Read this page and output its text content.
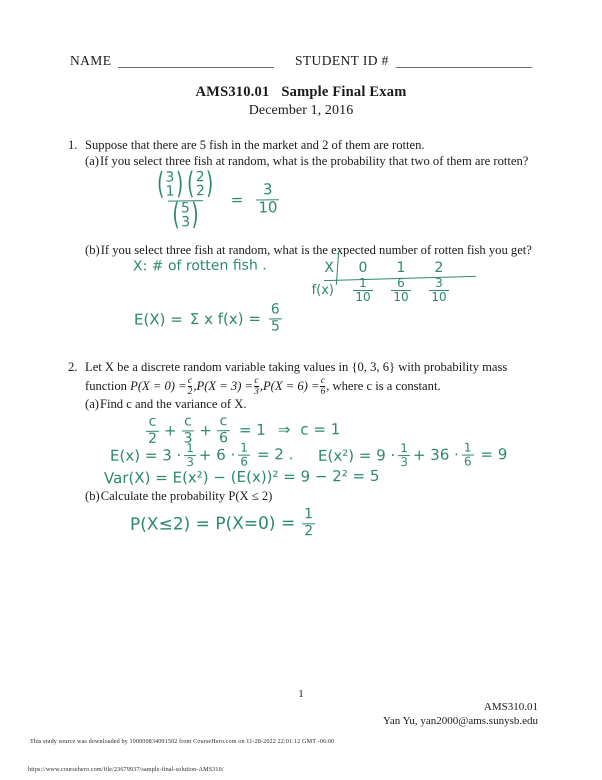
NAME	STUDENT ID #
AMS310.01 Sample Final Exam
December 1, 2016
1. Suppose that there are 5 fish in the market and 2 of them are rotten.
(a) If you select three fish at random, what is the probability that two of them are rotten?
( 3
1 ) ( 2
2 )
( 5
3 ) = $\frac{3}{10}$
(b) If you select three fish at random, what is the expected number of rotten fish you get?
X: # of rotten fish .	X	0	1	2
$f(x) \frac{1}{10} \frac{6}{10} \frac{3}{10}$
E(X) = Σ x $f(x) = \frac{6}{5}$
2. Let X be a discrete random variable taking values in {0, 3, 6} with probability mass
function $P(X = 0) = \frac{c}{2} ,P(X = 3) = \frac{c}{3} ,P(X = 6) = \frac{c}{6}$ , where c is a constant.
(a) Find c and the variance of X.
$\frac{c}{2} + \frac{c}{3} + \frac{c}{6} = 1$ ⇒ c = 1
$E(x) = 3 \cdot \frac{1}{3} + 6 \cdot \frac{1}{6} = 2$ . $E(x^2) = 9 \cdot \frac{1}{3} + 36 \cdot \frac{1}{6} = 9$
Var(X) = E(x²) − (E(x))² = 9 − 2² = 5
(b) Calculate the probability P(X ≤ 2)
$P(X\le 2) = P(X=0) = \frac{1}{2}$
1
AMS310.01
Yan Yu, yan2000@ams.sunysb.edu
This study source was downloaded by 100000834091502 from CourseHero.com on 11-28-2022 22:01:12 GMT -06:00
https://www.coursehero.com/file/23679937/sample-final-solution-AMS310/
